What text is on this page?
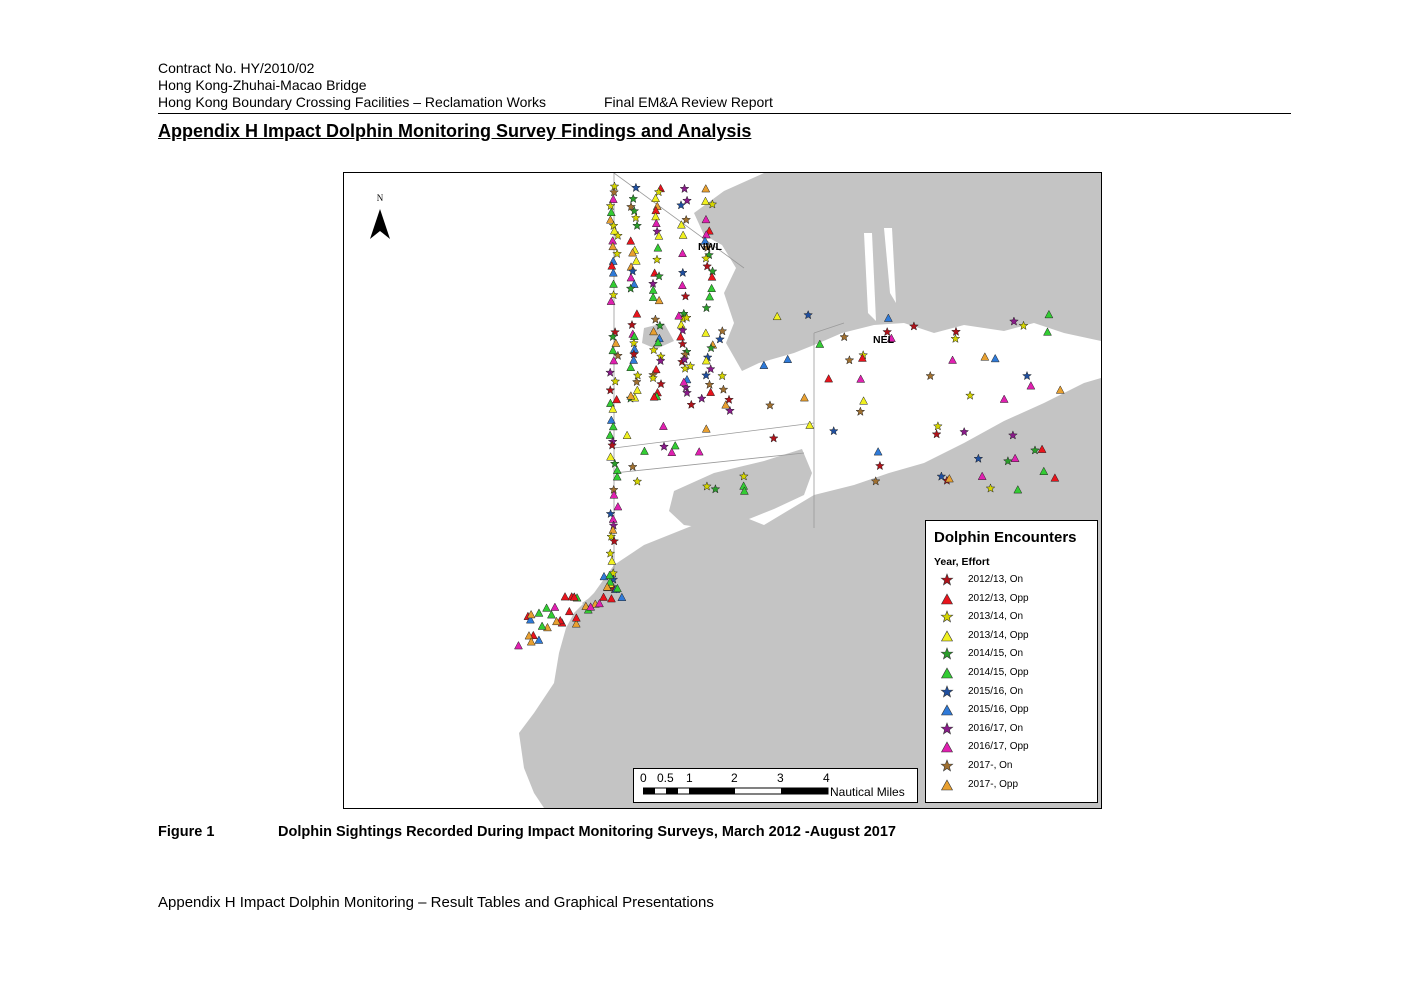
Contract No. HY/2010/02
Hong Kong-Zhuhai-Macao Bridge
Hong Kong Boundary Crossing Facilities – Reclamation Works	Final EM&A Review Report
Appendix H Impact Dolphin Monitoring Survey Findings and Analysis
N
NWL
NEL
0 0.5 1	2	3	4
Nautical Miles
Dolphin Encounters
Year, Effort
2012/13, On
2012/13, Opp
2013/14, On
2013/14, Opp
2014/15, On
2014/15, Opp
2015/16, On
2015/16, Opp
2016/17, On
2016/17, Opp
2017-, On
2017-, Opp
Figure 1	Dolphin Sightings Recorded During Impact Monitoring Surveys, March 2012 -August 2017
Appendix H Impact Dolphin Monitoring – Result Tables and Graphical Presentations
